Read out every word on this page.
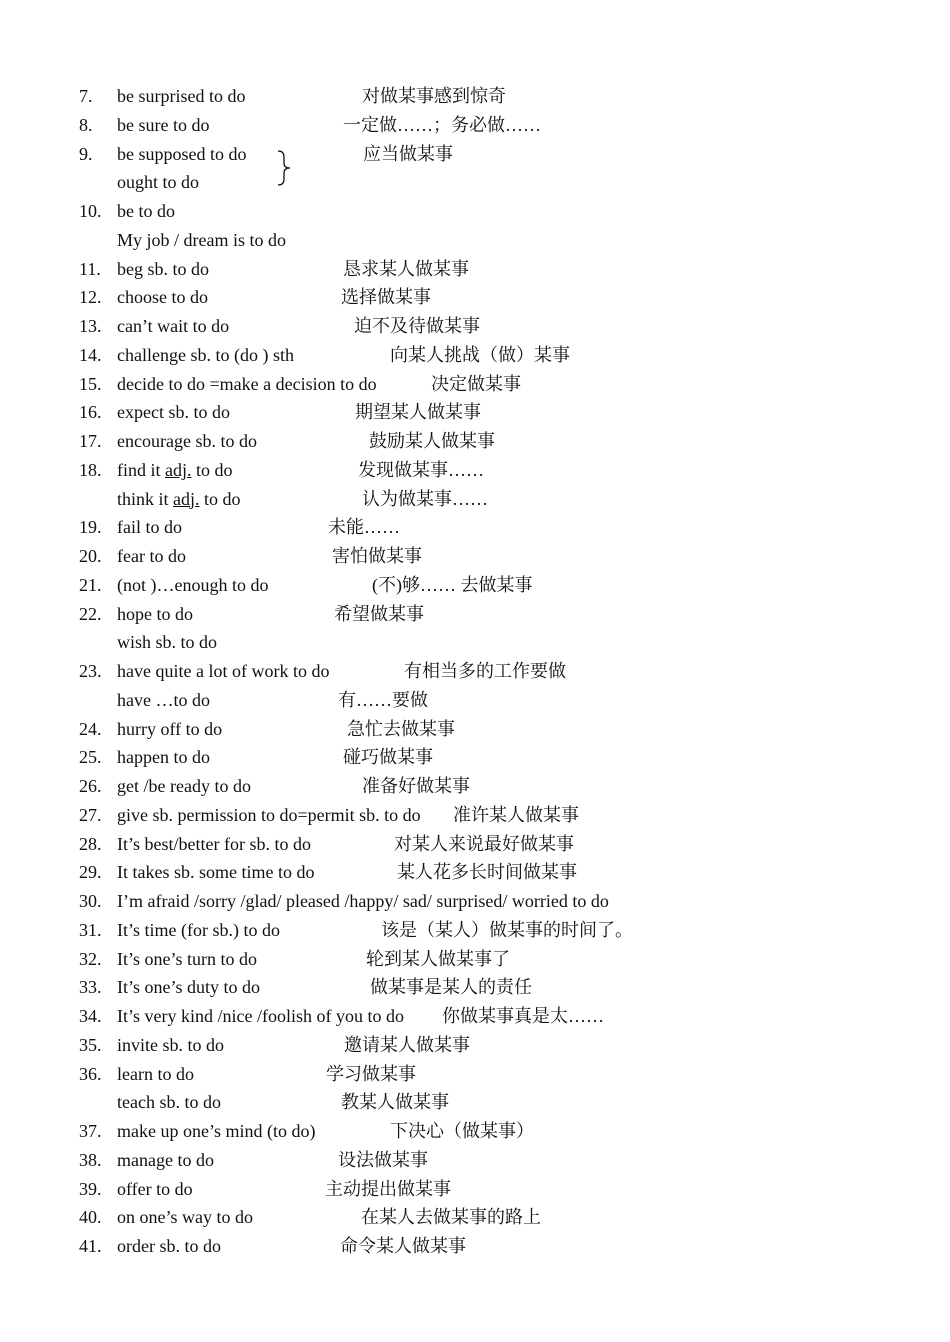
7. be surprised to do	对做某事感到惊奇
8. be sure to do	一定做……；务必做……
9. be supposed to do	应当做某事
ought to do
10. be to do
My job / dream is to do
11. beg sb. to do	恳求某人做某事
12. choose to do	选择做某事
13. can’t wait to do	迫不及待做某事
14. challenge sb. to (do ) sth	向某人挑战（做）某事
15. decide to do =make a decision to do	决定做某事
16. expect sb. to do	期望某人做某事
17. encourage sb. to do	鼓励某人做某事
18. find it adj. to do	发现做某事……
think it adj. to do	认为做某事……
19. fail to do	未能……
20. fear to do	害怕做某事
21. (not )…enough to do	(不)够…… 去做某事
22. hope to do	希望做某事
wish sb. to do
23. have quite a lot of work to do	有相当多的工作要做
have …to do	有……要做
24. hurry off to do	急忙去做某事
25. happen to do	碰巧做某事
26. get /be ready to do	准备好做某事
27. give sb. permission to do=permit sb. to do 准许某人做某事
28. It’s best/better for sb. to do	对某人来说最好做某事
29. It takes sb. some time to do	某人花多长时间做某事
30. I’m afraid /sorry /glad/ pleased /happy/ sad/ surprised/ worried to do
31. It’s time (for sb.) to do	该是（某人）做某事的时间了。
32. It’s one’s turn to do	轮到某人做某事了
33. It’s one’s duty to do	做某事是某人的责任
34. It’s very kind /nice /foolish of you to do 你做某事真是太……
35. invite sb. to do	邀请某人做某事
36. learn to do	学习做某事
teach sb. to do	教某人做某事
37. make up one’s mind (to do)	下决心（做某事）
38. manage to do	设法做某事
39. offer to do	主动提出做某事
40. on one’s way to do	在某人去做某事的路上
41. order sb. to do	命令某人做某事
